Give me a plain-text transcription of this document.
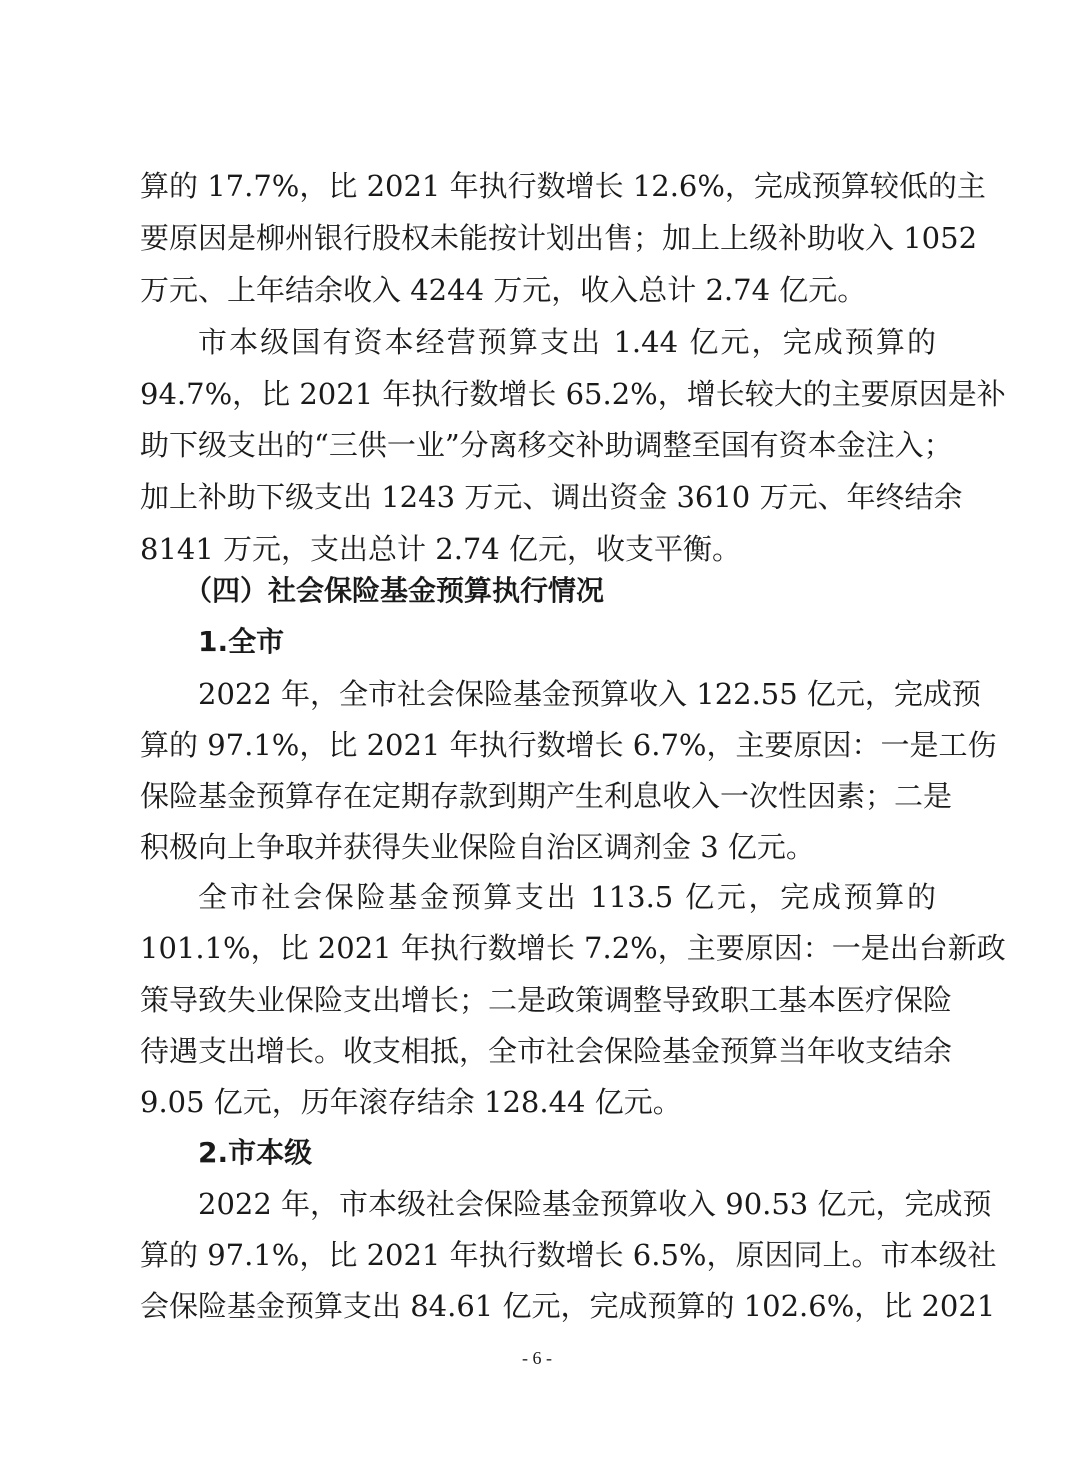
算的 17.7%，比 2021 年执行数增长 12.6%，完成预算较低的主
要原因是柳州银行股权未能按计划出售；加上上级补助收入 1052
万元、上年结余收入 4244 万元，收入总计 2.74 亿元。
市本级国有资本经营预算支出 1.44 亿元，完成预算的
94.7%，比 2021 年执行数增长 65.2%，增长较大的主要原因是补
助下级支出的“三供一业”分离移交补助调整至国有资本金注入；
加上补助下级支出 1243 万元、调出资金 3610 万元、年终结余
8141 万元，支出总计 2.74 亿元，收支平衡。
（四）社会保险基金预算执行情况
1.全市
2022 年，全市社会保险基金预算收入 122.55 亿元，完成预
算的 97.1%，比 2021 年执行数增长 6.7%，主要原因：一是工伤
保险基金预算存在定期存款到期产生利息收入一次性因素；二是
积极向上争取并获得失业保险自治区调剂金 3 亿元。
全市社会保险基金预算支出 113.5 亿元，完成预算的
101.1%，比 2021 年执行数增长 7.2%，主要原因：一是出台新政
策导致失业保险支出增长；二是政策调整导致职工基本医疗保险
待遇支出增长。收支相抵，全市社会保险基金预算当年收支结余
9.05 亿元，历年滚存结余 128.44 亿元。
2.市本级
2022 年，市本级社会保险基金预算收入 90.53 亿元，完成预
算的 97.1%，比 2021 年执行数增长 6.5%，原因同上。市本级社
会保险基金预算支出 84.61 亿元，完成预算的 102.6%，比 2021
- 6 -
